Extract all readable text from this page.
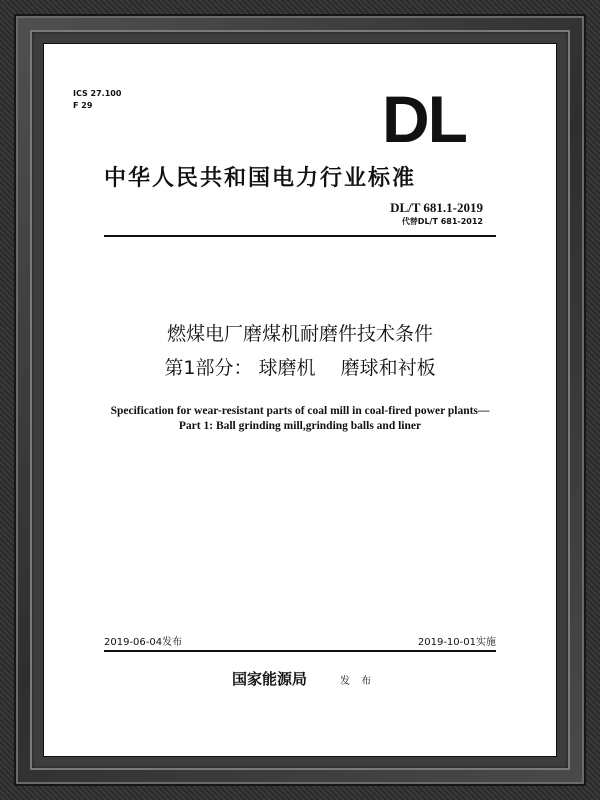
ICS 27.100
F 29	DL
中华人民共和国电力行业标准
DL/T 681.1-2019
代替DL/T 681-2012
燃煤电厂磨煤机耐磨件技术条件
第1部分： 球磨机　 磨球和衬板
Specification for wear-resistant parts of coal mill in coal-fired power plants—
Part 1: Ball grinding mill,grinding balls and liner
2019-06-04发布	2019-10-01实施
国家能源局	发 布
